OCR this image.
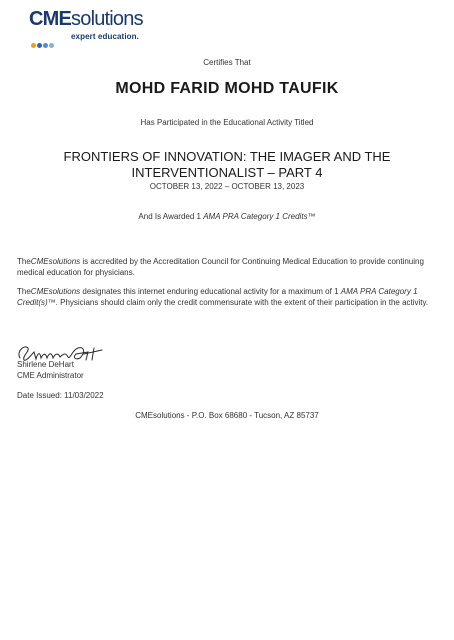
CMEsolutions
expert education.
Certifies That
MOHD FARID MOHD TAUFIK
Has Participated in the Educational Activity Titled
FRONTIERS OF INNOVATION: THE IMAGER AND THE
INTERVENTIONALIST – PART 4
OCTOBER 13, 2022 – OCTOBER 13, 2023
And Is Awarded 1 AMA PRA Category 1 Credits™
TheCMEsolutions is accredited by the Accreditation Council for Continuing Medical Education to provide continuing medical education for physicians.
TheCMEsolutions designates this internet enduring educational activity for a maximum of 1 AMA PRA Category 1 Credit(s)™. Physicians should claim only the credit commensurate with the extent of their participation in the activity.
Shirlene DeHart
CME Administrator
Date Issued: 11/03/2022
CMEsolutions - P.O. Box 68680 - Tucson, AZ 85737
